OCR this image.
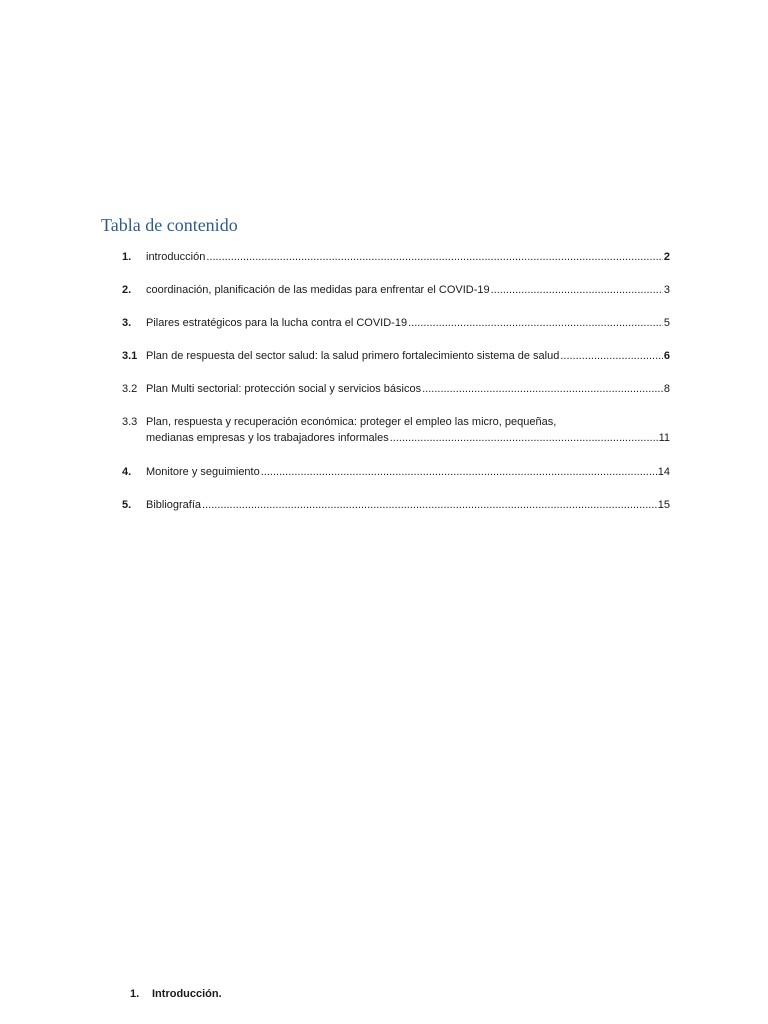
Tabla de contenido
1.	introducción .....	2
2.	coordinación, planificación de las medidas para enfrentar el COVID-19 .....	3
3.	Pilares estratégicos para la lucha contra el COVID-19 .....	5
3.1 Plan de respuesta del sector salud: la salud primero fortalecimiento sistema de salud .....	6
3.2 Plan Multi sectorial: protección social y servicios básicos .....	8
3.3 Plan, respuesta y recuperación económica: proteger el empleo las micro, pequeñas,
medianas empresas y los trabajadores informales .....	11
4.	Monitore y seguimiento .....	14
5.	Bibliografía .....	15
1. Introducción.
